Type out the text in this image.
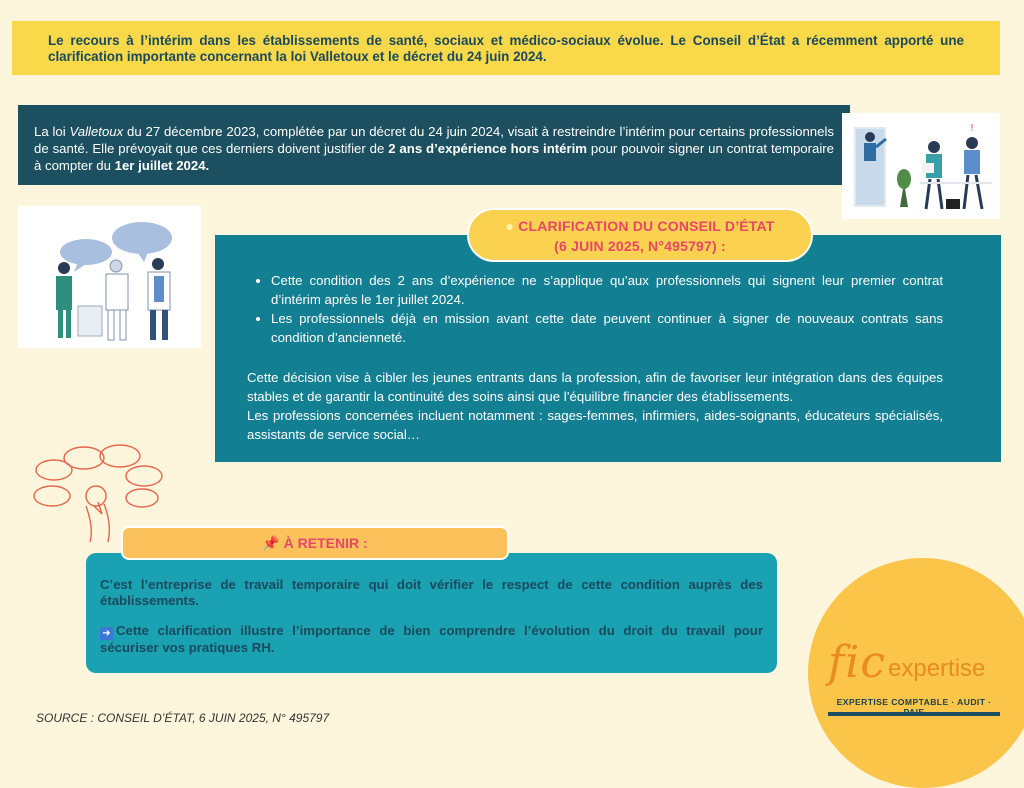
Le recours à l’intérim dans les établissements de santé, sociaux et médico-sociaux évolue. Le Conseil d’État a récemment apporté une clarification importante concernant la loi Valletoux et le décret du 24 juin 2024.
La loi Valletoux du 27 décembre 2023, complétée par un décret du 24 juin 2024, visait à restreindre l’intérim pour certains professionnels de santé. Elle prévoyait que ces derniers doivent justifier de 2 ans d’expérience hors intérim pour pouvoir signer un contrat temporaire à compter du 1er juillet 2024.
!
• Cette condition des 2 ans d’expérience ne s’applique qu’aux professionnels qui signent leur premier contrat d’intérim après le 1er juillet 2024.
• Les professionnels déjà en mission avant cette date peuvent continuer à signer de nouveaux contrats sans condition d’ancienneté.

Cette décision vise à cibler les jeunes entrants dans la profession, afin de favoriser leur intégration dans des équipes stables et de garantir la continuité des soins ainsi que l’équilibre financier des établissements.

Les professions concernées incluent notamment : sages-femmes, infirmiers, aides-soignants, éducateurs spécialisés, assistants de service social…

● CLARIFICATION DU CONSEIL D’ÉTAT
(6 JUIN 2025, N°495797) :

C’est l’entreprise de travail temporaire qui doit vérifier le respect de cette condition auprès des établissements.

➜ Cette clarification illustre l’importance de bien comprendre l’évolution du droit du travail pour sécuriser vos pratiques RH.

📌 À RETENIR :
SOURCE : CONSEIL D’ÉTAT, 6 JUIN 2025, N° 495797
fic expertise
EXPERTISE COMPTABLE · AUDIT ·
